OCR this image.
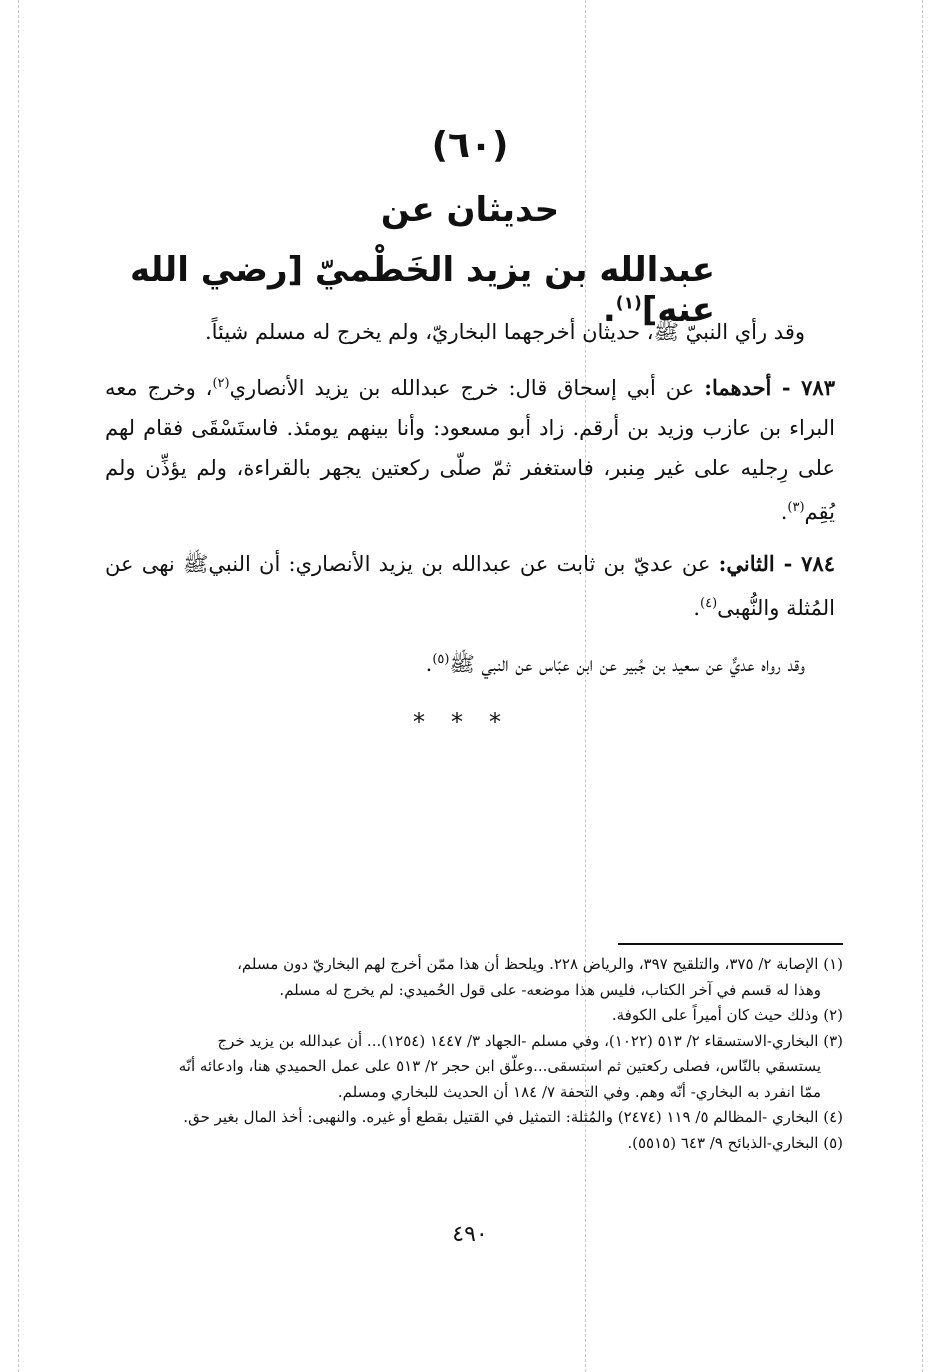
(٦٠)
حديثان عن
عبدالله بن يزيد الخَطْميّ [رضي الله عنه]$^{(١)}$.

وقد رأي النبيّ ﷺ، حديثان أخرجهما البخاريّ، ولم يخرج له مسلم شيئاً.

٧٨٣ - أحدهما: عن أبي إسحاق قال: خرج عبدالله بن يزيد الأنصاري$^{(٢)}$، وخرج معه البراء بن عازب وزيد بن أرقم. زاد أبو مسعود: وأنا بينهم يومئذ. فاستَسْقَى فقام لهم على رِجليه على غير مِنبر، فاستغفر ثمّ صلّى ركعتين يجهر بالقراءة، ولم يؤذِّن ولم يُقِم$^{(٣)}$.

٧٨٤ - الثاني: عن عديّ بن ثابت عن عبدالله بن يزيد الأنصاري: أن النبيﷺ نهى عن المُثلة والنُّهبى$^{(٤)}$.

وقد رواه عديٌّ عن سعيد بن جُبير عن ابن عبّاس عن النبي ﷺ$^{(٥)}$.

***

(١) الإصابة ٢/ ٣٧٥، والتلقيح ٣٩٧، والرياض ٢٢٨. ويلحظ أن هذا ممّن أخرج لهم البخاريّ دون مسلم،

وهذا له قسم في آخر الكتاب، فليس هذا موضعه- على قول الحُميدي: لم يخرج له مسلم.

(٢) وذلك حيث كان أميراً على الكوفة.

(٣) البخاري-الاستسقاء ٢/ ٥١٣ (١٠٢٢)، وفي مسلم -الجهاد ٣/ ١٤٤٧ (١٢٥٤)... أن عبدالله بن يزيد خرج

يستسقي بالنّاس، فصلى ركعتين ثم استسقى...وعلّق ابن حجر ٢/ ٥١٣ على عمل الحميدي هنا، وادعائه أنّه

ممّا انفرد به البخاري- أنّه وهم. وفي التحفة ٧/ ١٨٤ أن الحديث للبخاري ومسلم.

(٤) البخاري -المظالم ٥/ ١١٩ (٢٤٧٤) والمُثلة: التمثيل في القتيل بقطع أو غيره. والنهبى: أخذ المال بغير حق.

(٥) البخاري-الذبائح ٩/ ٦٤٣ (٥٥١٥).

٤٩٠
